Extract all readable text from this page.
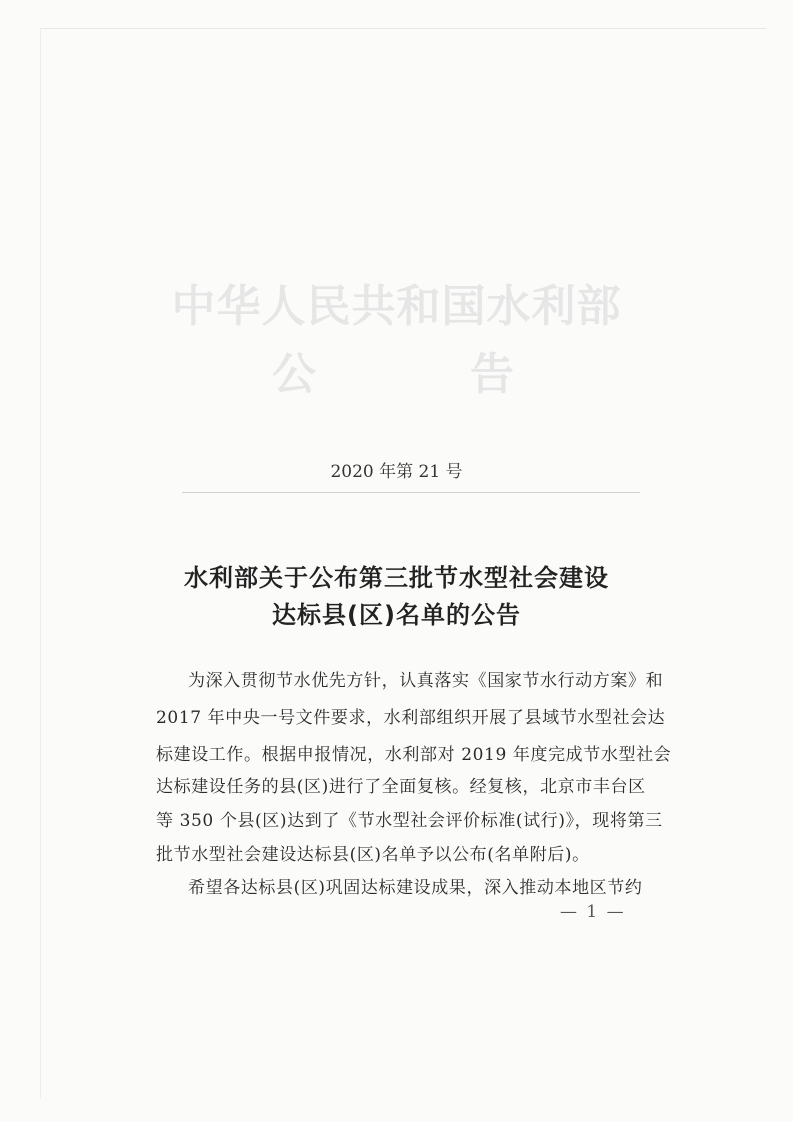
中华人民共和国水利部
公	告
2020 年第 21 号
水利部关于公布第三批节水型社会建设
达标县(区)名单的公告
为深入贯彻节水优先方针，认真落实《国家节水行动方案》和
2017 年中央一号文件要求，水利部组织开展了县域节水型社会达
标建设工作。根据申报情况，水利部对 2019 年度完成节水型社会
达标建设任务的县(区)进行了全面复核。经复核，北京市丰台区
等 350 个县(区)达到了《节水型社会评价标准(试行)》，现将第三
批节水型社会建设达标县(区)名单予以公布(名单附后)。
希望各达标县(区)巩固达标建设成果，深入推动本地区节约
— 1 —
